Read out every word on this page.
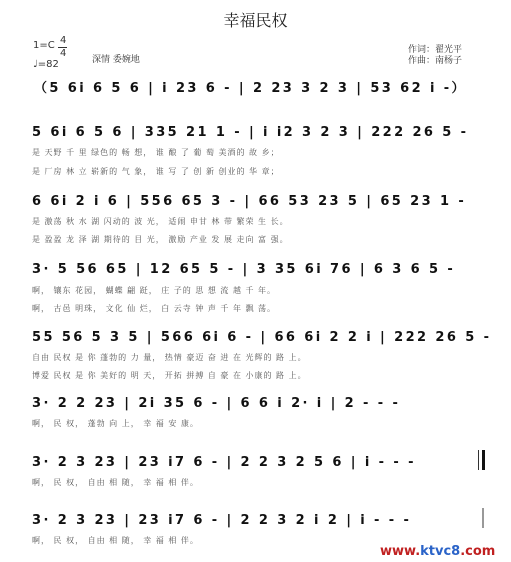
幸福民权
1=C 4
4
♩=82	深情 委婉地
作词：翟光平
作曲：南杨子
（5 6i 6 5 6 | i 23 6 - | 2 23 3 2 3 | 53 62 i -）
5 6i 6 5 6 | 335 21 1 - | i i2 3 2 3 | 222 26 5 -
是 天野 千 里 绿色的 畅 想， 谁 酿 了 葡 萄 美酒的 故 乡；
是 厂房 林 立 崭新的 气 象， 谁 写 了 创 新 创业的 华 章；
6 6i 2 i 6 | 556 65 3 - | 66 53 23 5 | 65 23 1 -
是 激荡 秋 水 湖 闪动的 波 光， 适闹 申甘 林 带 繁荣 生 长。
是 盈盈 龙 泽 湖 期待的 目 光， 激励 产业 发 展 走向 富 强。
3· 5 56 65 | 12 65 5 - | 3 35 6i 76 | 6 3 6 5 -
啊， 镶东 花园， 蝴蝶 翩 跹， 庄 子的 思 想 流 越 千 年。
啊， 古邑 明珠， 文化 仙 烂， 白 云寺 钟 声 千 年 飘 荡。
55 56 5 3 5 | 566 6i 6 - | 66 6i 2 2 i | 222 26 5 -
自由 民权 是 你 蓬勃的 力 量， 热情 豪迈 奋 进 在 光辉的 路 上。
博爱 民权 是 你 美好的 明 天， 开拓 拼搏 自 豪 在 小康的 路 上。
3· 2 2 23 | 2i 35 6 - | 6 6 i 2· i | 2 - - -
啊， 民 权， 蓬勃 向 上， 幸 福 安 康。
3· 2 3 23 | 23 i7 6 - | 2 2 3 2 5 6 | i - - -
啊， 民 权， 自由 相 随， 幸 福 相 伴。
3· 2 3 23 | 23 i7 6 - | 2 2 3 2 i 2 | i - - -
啊， 民 权， 自由 相 随， 幸 福 相 伴。
www.ktvc8.com
